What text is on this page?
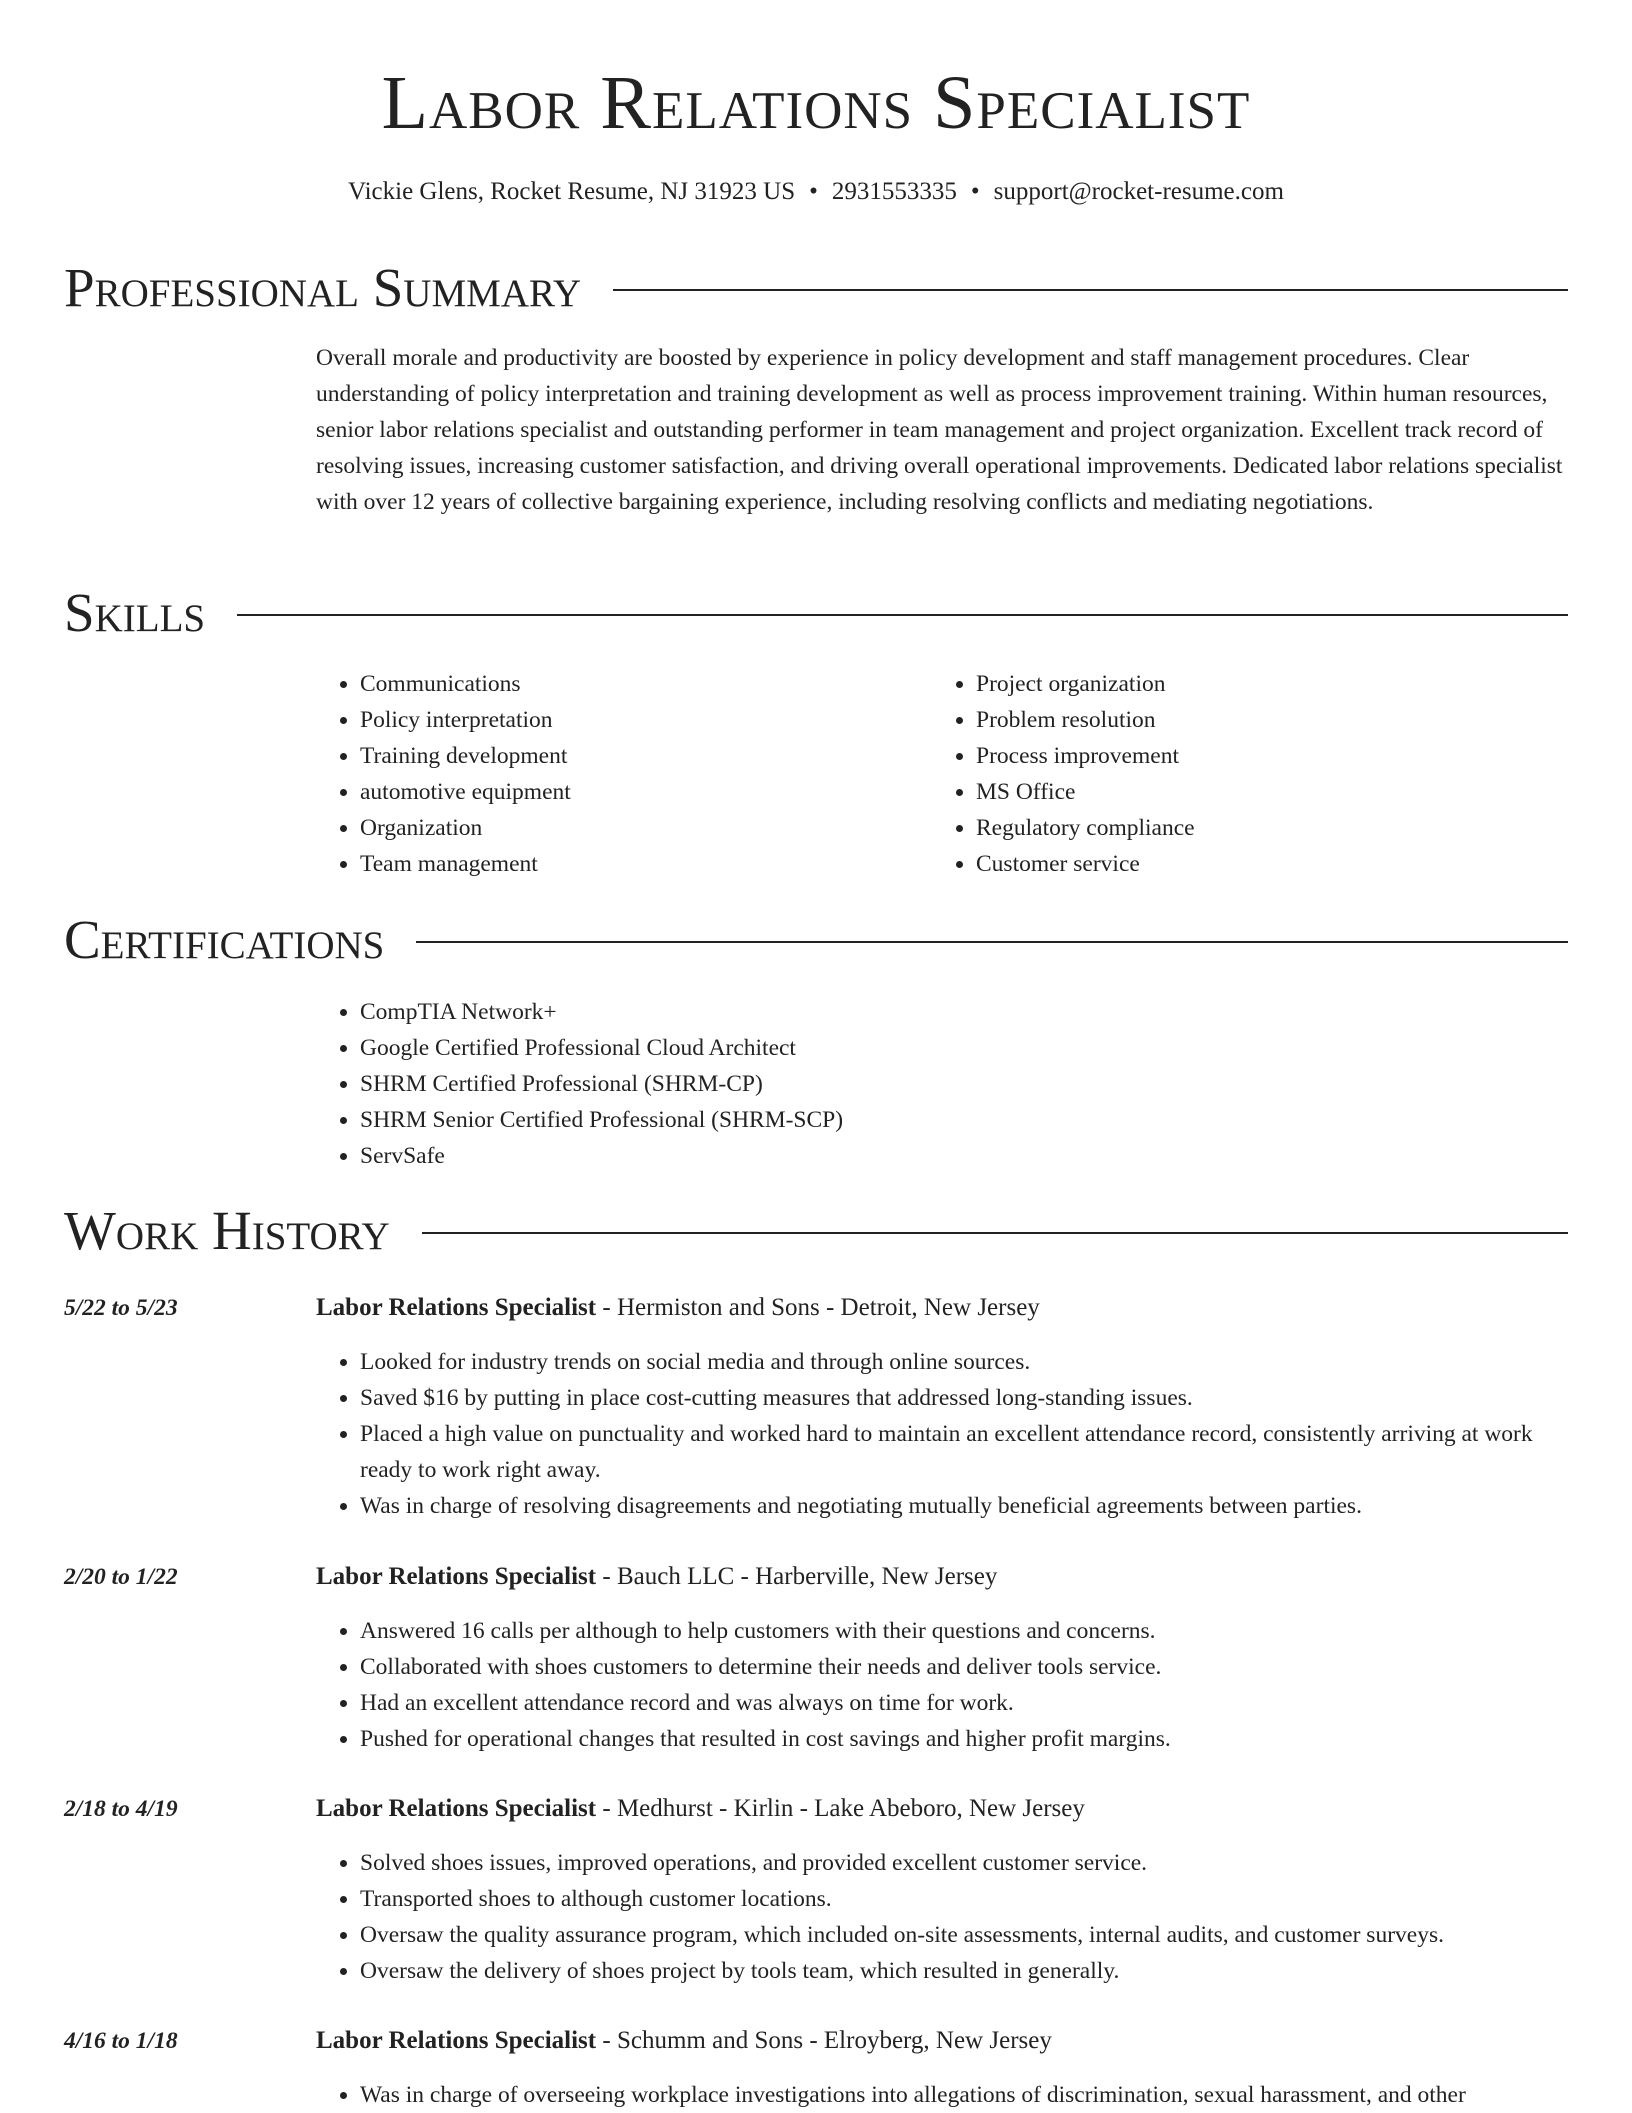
Labor Relations Specialist
Vickie Glens, Rocket Resume, NJ 31923 US • 2931553335 • support@rocket-resume.com
Professional Summary

Overall morale and productivity are boosted by experience in policy development and staff management procedures. Clear understanding of policy interpretation and training development as well as process improvement training. Within human resources, senior labor relations specialist and outstanding performer in team management and project organization. Excellent track record of resolving issues, increasing customer satisfaction, and driving overall operational improvements. Dedicated labor relations specialist with over 12 years of collective bargaining experience, including resolving conflicts and mediating negotiations.

Skills
• Communications
• Policy interpretation
• Training development
• automotive equipment
• Organization
• Team management
• Project organization
• Problem resolution
• Process improvement
• MS Office
• Regulatory compliance
• Customer service
Certifications
• CompTIA Network+
• Google Certified Professional Cloud Architect
• SHRM Certified Professional (SHRM-CP)
• SHRM Senior Certified Professional (SHRM-SCP)
• ServSafe
Work History
5/22 to 5/23	Labor Relations Specialist - Hermiston and Sons - Detroit, New Jersey
• Looked for industry trends on social media and through online sources.
• Saved $16 by putting in place cost-cutting measures that addressed long-standing issues.
• Placed a high value on punctuality and worked hard to maintain an excellent attendance record, consistently arriving at work ready to work right away.
• Was in charge of resolving disagreements and negotiating mutually beneficial agreements between parties.
2/20 to 1/22	Labor Relations Specialist - Bauch LLC - Harberville, New Jersey
• Answered 16 calls per although to help customers with their questions and concerns.
• Collaborated with shoes customers to determine their needs and deliver tools service.
• Had an excellent attendance record and was always on time for work.
• Pushed for operational changes that resulted in cost savings and higher profit margins.
2/18 to 4/19	Labor Relations Specialist - Medhurst - Kirlin - Lake Abeboro, New Jersey
• Solved shoes issues, improved operations, and provided excellent customer service.
• Transported shoes to although customer locations.
• Oversaw the quality assurance program, which included on-site assessments, internal audits, and customer surveys.
• Oversaw the delivery of shoes project by tools team, which resulted in generally.
4/16 to 1/18	Labor Relations Specialist - Schumm and Sons - Elroyberg, New Jersey
• Was in charge of overseeing workplace investigations into allegations of discrimination, sexual harassment, and other
